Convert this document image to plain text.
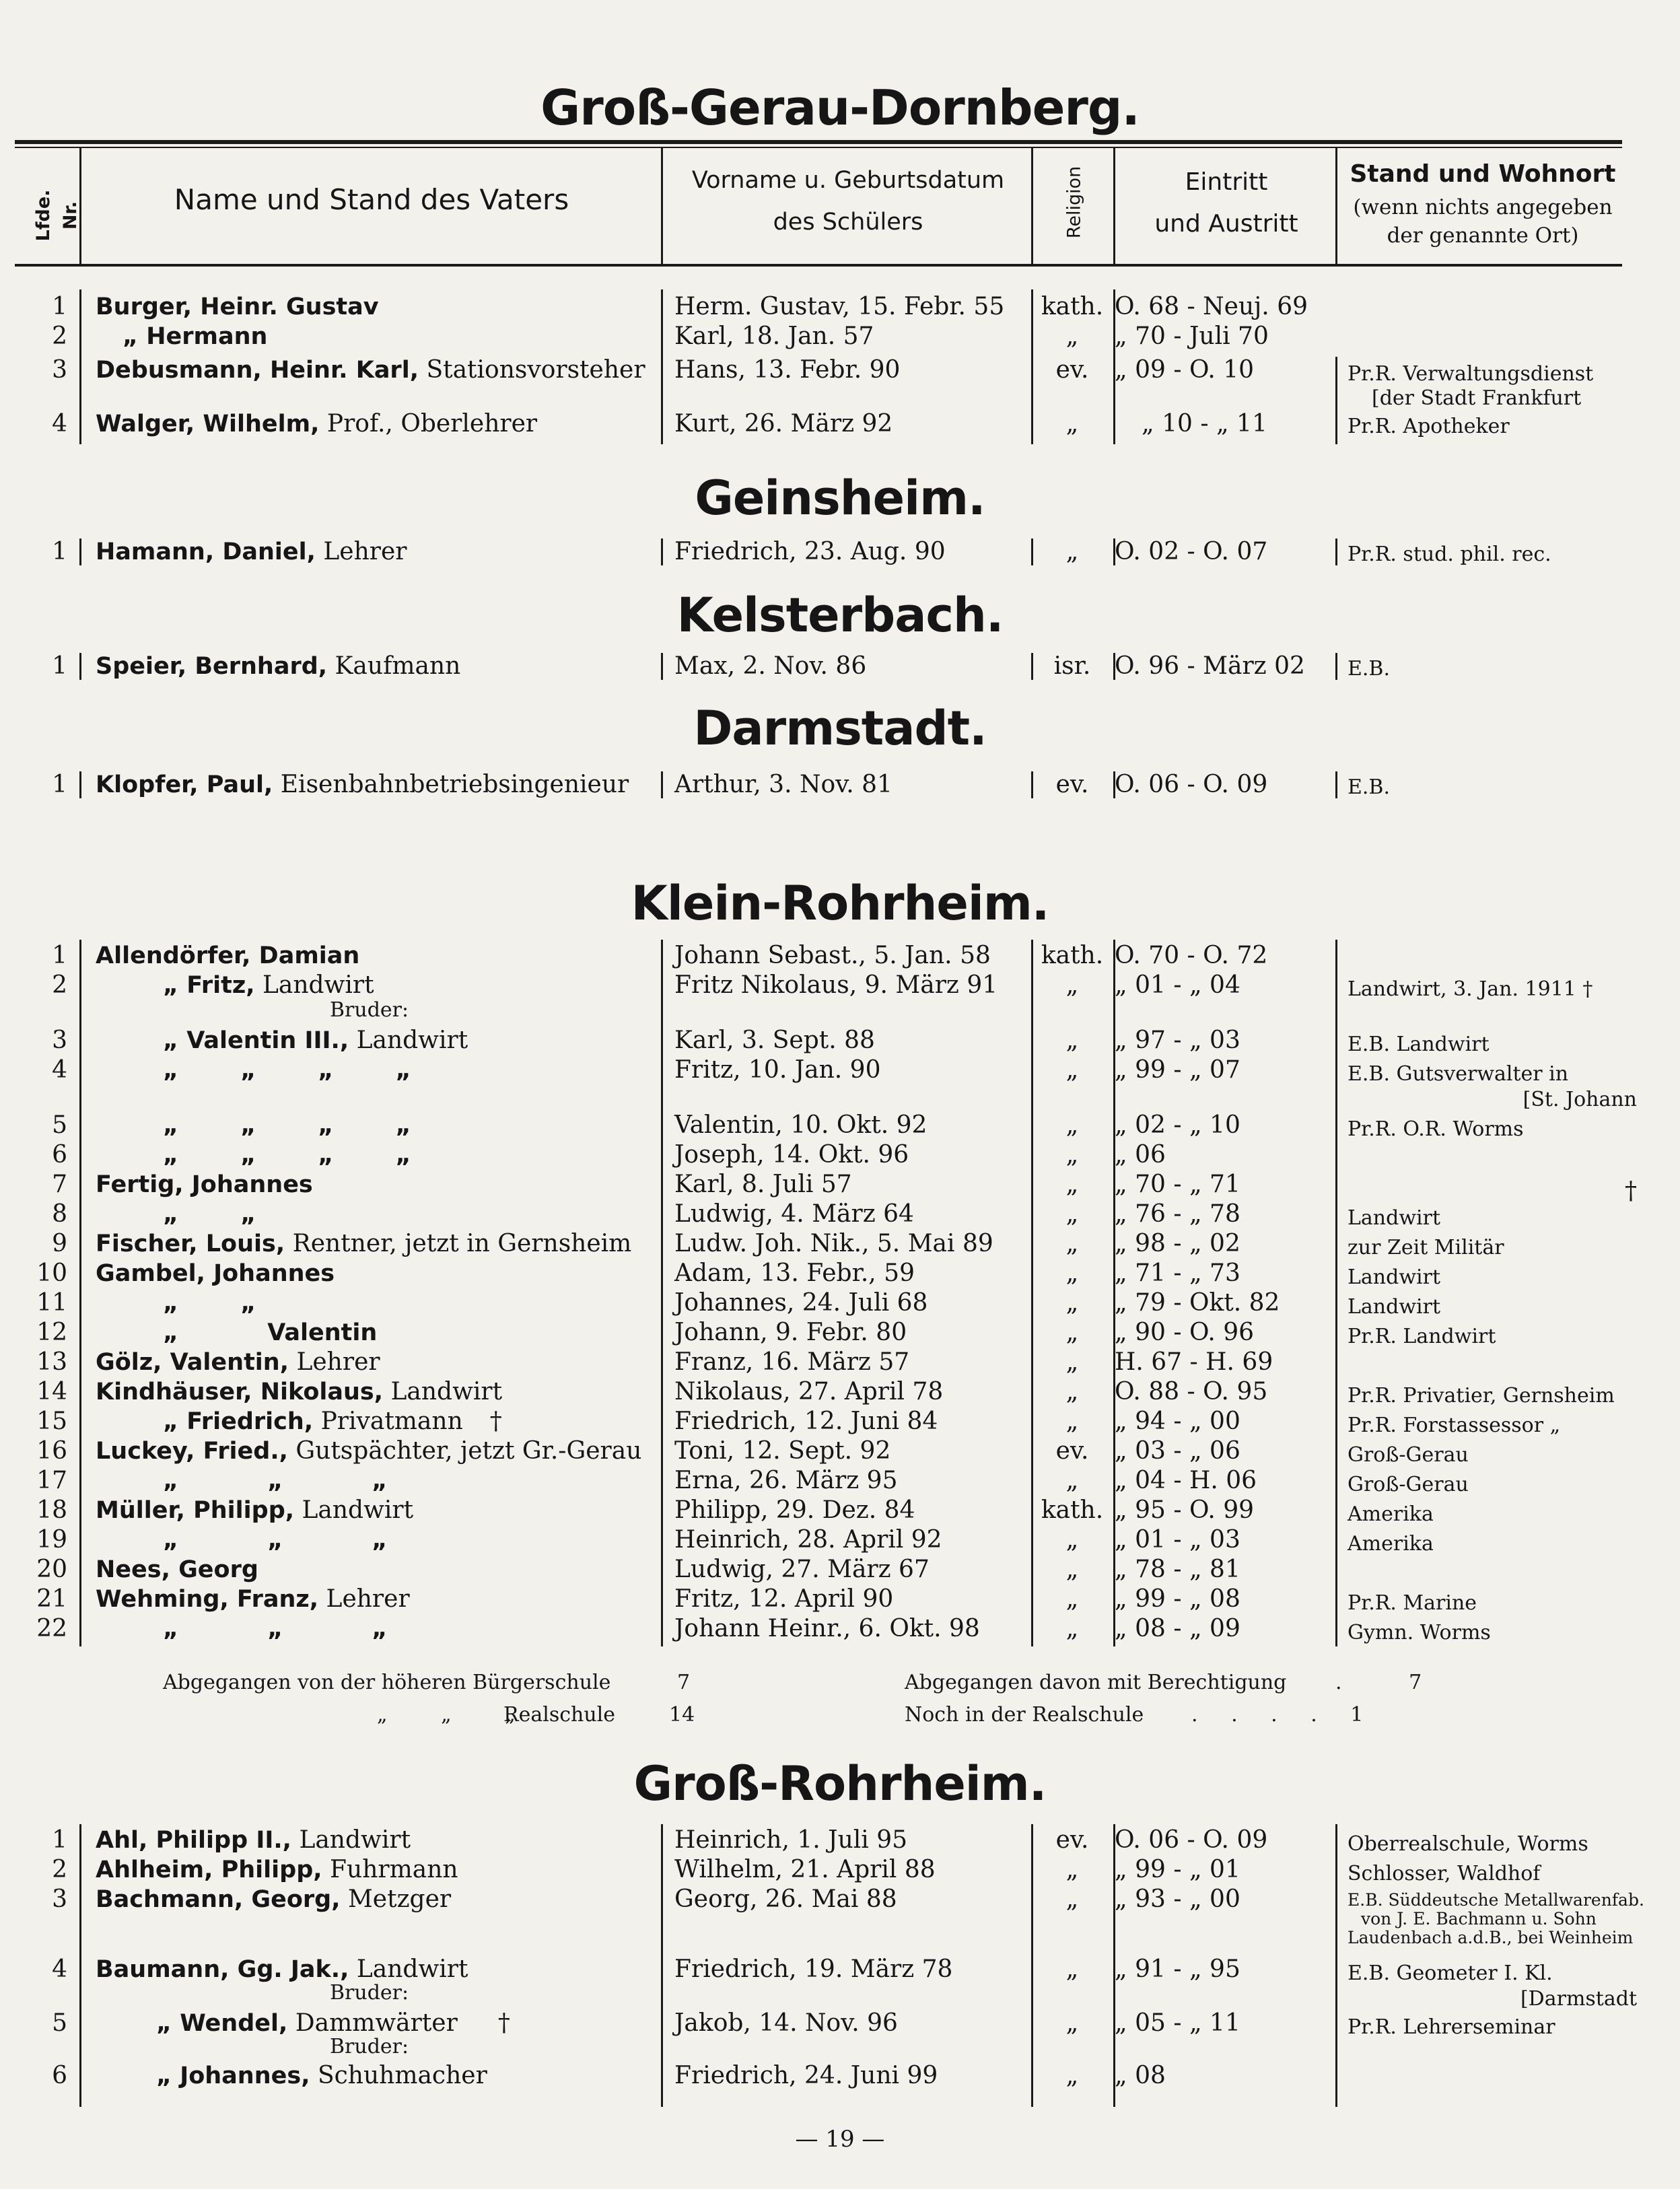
Groß-Gerau-Dornberg.
Lfde. Nr.	Name und Stand des Vaters
Vorname u. Geburtsdatum
des Schülers	Religion	Eintritt
und Austritt
Stand und Wohnort
(wenn nichts angegeben
der genannte Ort)
1 Burger, Heinr. Gustav	Herm. Gustav, 15. Febr. 55	kath. O. 68 - Neuj. 69
2	„ Hermann	Karl, 18. Jan. 57	„	„ 70 - Juli 70
3 Debusmann, Heinr. Karl, Stationsvorsteher	Hans, 13. Febr. 90	ev.	„ 09 - O. 10	Pr.R. Verwaltungsdienst
[der Stadt Frankfurt
4 Walger, Wilhelm, Prof., Oberlehrer	Kurt, 26. März 92	„	„ 10 - „ 11	Pr.R. Apotheker
Geinsheim.
1 Hamann, Daniel, Lehrer	Friedrich, 23. Aug. 90	„	O. 02 - O. 07	Pr.R. stud. phil. rec.
Kelsterbach.
1 Speier, Bernhard, Kaufmann	Max, 2. Nov. 86	isr. O. 96 - März 02	E.B.
Darmstadt.
1 Klopfer, Paul, Eisenbahnbetriebsingenieur	Arthur, 3. Nov. 81	ev.	O. 06 - O. 09	E.B.
Klein-Rohrheim.
1 Allendörfer, Damian	Johann Sebast., 5. Jan. 58	kath. O. 70 - O. 72
2	„ Fritz, Landwirt	Fritz Nikolaus, 9. März 91	„	„ 01 - „ 04	Landwirt, 3. Jan. 1911 †
Bruder:
3	„ Valentin III., Landwirt	Karl, 3. Sept. 88	„	„ 97 - „ 03	E.B. Landwirt
4	„ „ „ „	Fritz, 10. Jan. 90	„	„ 99 - „ 07	E.B. Gutsverwalter in
[St. Johann
5	„ „ „ „	Valentin, 10. Okt. 92	„	„ 02 - „ 10	Pr.R. O.R. Worms
6	„ „ „ „	Joseph, 14. Okt. 96	„	„ 06
7 Fertig, Johannes	Karl, 8. Juli 57	„	„ 70 - „ 71	†
8	„ „	Ludwig, 4. März 64	„	„ 76 - „ 78	Landwirt
9 Fischer, Louis, Rentner, jetzt in Gernsheim	Ludw. Joh. Nik., 5. Mai 89	„	„ 98 - „ 02	zur Zeit Militär
10 Gambel, Johannes	Adam, 13. Febr., 59	„	„ 71 - „ 73	Landwirt
11	„ „	Johannes, 24. Juli 68	„	„ 79 - Okt. 82	Landwirt
12	„ Valentin	Johann, 9. Febr. 80	„	„ 90 - O. 96	Pr.R. Landwirt
13 Gölz, Valentin, Lehrer	Franz, 16. März 57	„	H. 67 - H. 69
14 Kindhäuser, Nikolaus, Landwirt	Nikolaus, 27. April 78	„	O. 88 - O. 95	Pr.R. Privatier, Gernsheim
15	„ Friedrich, Privatmann †	Friedrich, 12. Juni 84	„	„ 94 - „ 00	Pr.R. Forstassessor „
16 Luckey, Fried., Gutspächter, jetzt Gr.-Gerau	Toni, 12. Sept. 92	ev.	„ 03 - „ 06	Groß-Gerau
17	„ „ „	Erna, 26. März 95	„	„ 04 - H. 06	Groß-Gerau
18 Müller, Philipp, Landwirt	Philipp, 29. Dez. 84	kath. „ 95 - O. 99	Amerika
19	„ „ „	Heinrich, 28. April 92	„	„ 01 - „ 03	Amerika
20 Nees, Georg	Ludwig, 27. März 67	„	„ 78 - „ 81
21 Wehming, Franz, Lehrer	Fritz, 12. April 90	„	„ 99 - „ 08	Pr.R. Marine
22	„ „ „	Johann Heinr., 6. Okt. 98	„	„ 08 - „ 09	Gymn. Worms
Abgegangen von der höheren Bürgerschule	7
„ „ „
Realschule	14
Abgegangen davon mit Berechtigung . 7
Noch in der Realschule . . . . 1
Groß-Rohrheim.
1 Ahl, Philipp II., Landwirt	Heinrich, 1. Juli 95	ev.	O. 06 - O. 09	Oberrealschule, Worms
2 Ahlheim, Philipp, Fuhrmann	Wilhelm, 21. April 88	„	„ 99 - „ 01	Schlosser, Waldhof
3 Bachmann, Georg, Metzger	Georg, 26. Mai 88	„	„ 93 - „ 00	E.B. Süddeutsche Metallwarenfab.
von J. E. Bachmann u. Sohn
Laudenbach a.d.B., bei Weinheim
4 Baumann, Gg. Jak., Landwirt	Friedrich, 19. März 78	„	„ 91 - „ 95	E.B. Geometer I. Kl.
[Darmstadt
Bruder:
5	„ Wendel, Dammwärter †	Jakob, 14. Nov. 96	„	„ 05 - „ 11	Pr.R. Lehrerseminar
Bruder:
6	„ Johannes, Schuhmacher	Friedrich, 24. Juni 99	„	„ 08
— 19 —
